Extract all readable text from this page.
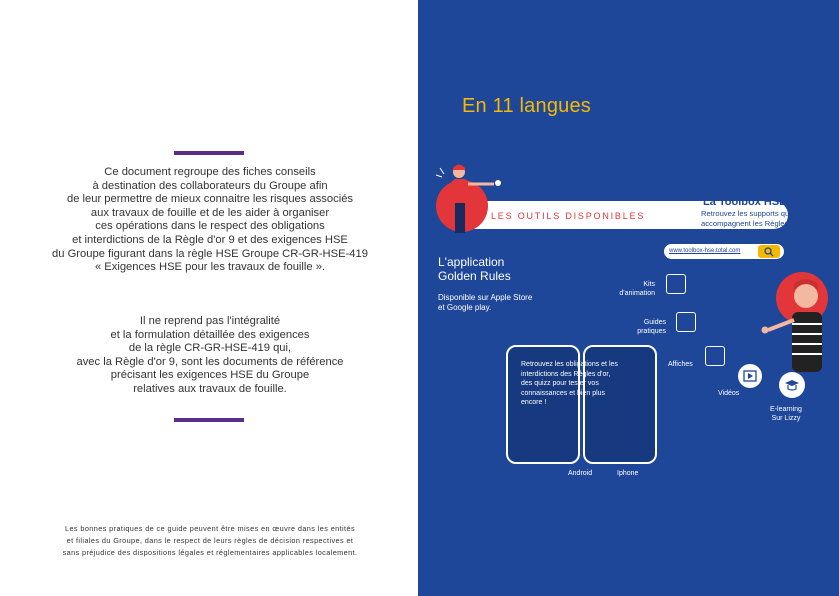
Ce document regroupe des fiches conseils
à destination des collaborateurs du Groupe afin
de leur permettre de mieux connaitre les risques associés
aux travaux de fouille et de les aider à organiser
ces opérations dans le respect des obligations
et interdictions de la Règle d'or 9 et des exigences HSE
du Groupe figurant dans la règle HSE Groupe CR-GR-HSE-419
« Exigences HSE pour les travaux de fouille ».
Il ne reprend pas l'intégralité
et la formulation détaillée des exigences
de la règle CR-GR-HSE-419 qui,
avec la Règle d'or 9, sont les documents de référence
précisant les exigences HSE du Groupe
relatives aux travaux de fouille.
Les bonnes pratiques de ce guide peuvent être mises en œuvre dans les entités
et filiales du Groupe, dans le respect de leurs règles de décision respectives et
sans préjudice des dispositions légales et réglementaires applicables localement.
En 11 langues
LES OUTILS DISPONIBLES
La Toolbox HSE
Retrouvez les supports qui
accompagnent les Règles d'or
www.toolbox-hse.total.com
L'application
Golden Rules
Disponible sur Apple Store
et Google play.
Retrouvez les obligations et les
interdictions des Règles d'or,
des quizz pour tester vos
connaissances et bien plus
encore !
Android	Iphone
Kits
d'animation
Guides
pratiques
Affiches
Vidéos
E-learning
Sur Lizzy
